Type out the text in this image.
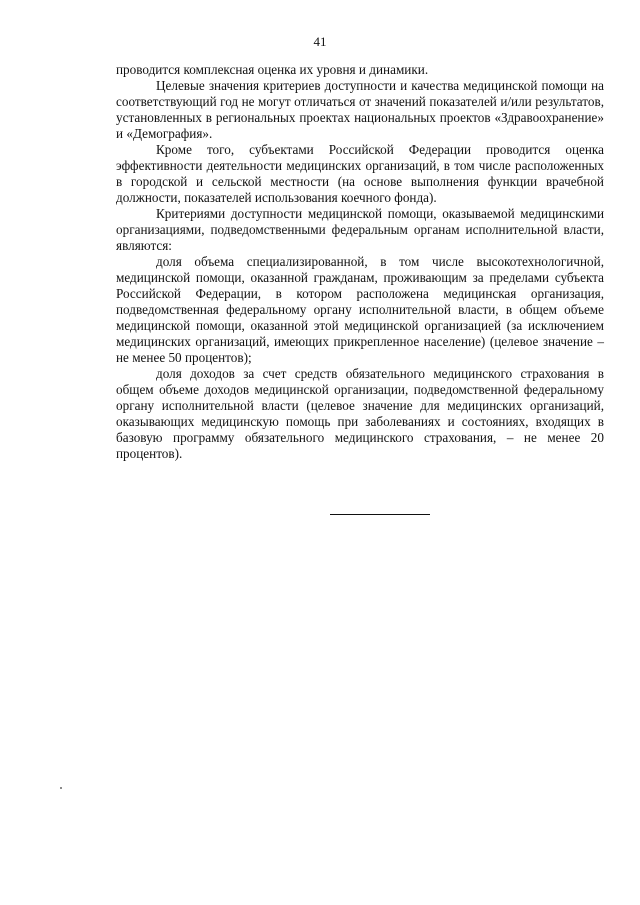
41

проводится комплексная оценка их уровня и динамики.

Целевые значения критериев доступности и качества медицинской помощи на соответствующий год не могут отличаться от значений показателей и/или результатов, установленных в региональных проектах национальных проектов «Здравоохранение» и «Демография».

Кроме того, субъектами Российской Федерации проводится оценка эффективности деятельности медицинских организаций, в том числе расположенных в городской и сельской местности (на основе выполнения функции врачебной должности, показателей использования коечного фонда).

Критериями доступности медицинской помощи, оказываемой медицинскими организациями, подведомственными федеральным органам исполнительной власти, являются:

доля объема специализированной, в том числе высокотехнологичной, медицинской помощи, оказанной гражданам, проживающим за пределами субъекта Российской Федерации, в котором расположена медицинская организация, подведомственная федеральному органу исполнительной власти, в общем объеме медицинской помощи, оказанной этой медицинской организацией (за исключением медицинских организаций, имеющих прикрепленное население) (целевое значение – не менее 50 процентов);

доля доходов за счет средств обязательного медицинского страхования в общем объеме доходов медицинской организации, подведомственной федеральному органу исполнительной власти (целевое значение для медицинских организаций, оказывающих медицинскую помощь при заболеваниях и состояниях, входящих в базовую программу обязательного медицинского страхования, – не менее 20 процентов).
